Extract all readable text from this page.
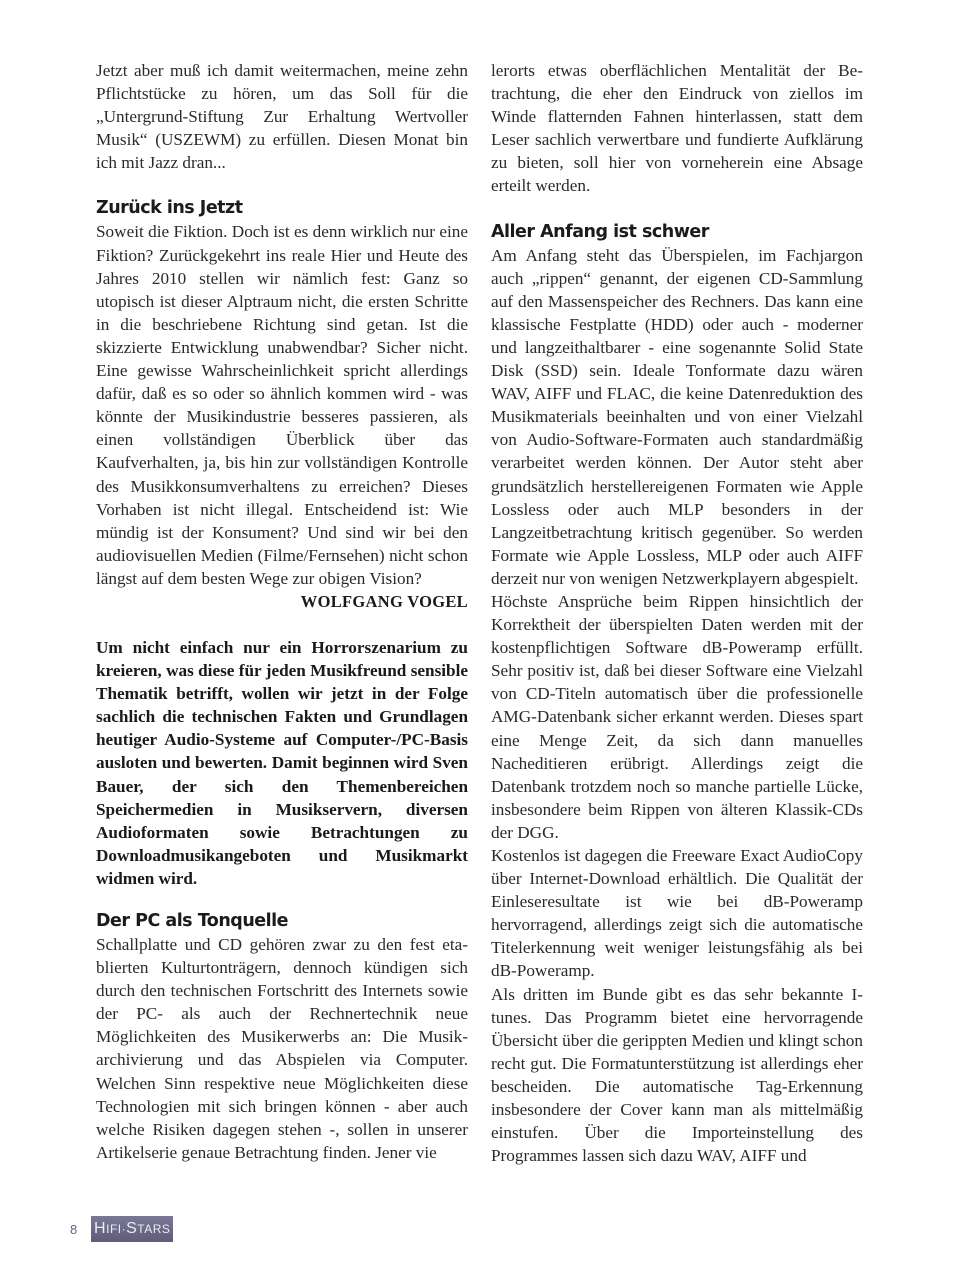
Jetzt aber muß ich damit weitermachen, meine zehn Pflichtstücke zu hören, um das Soll für die „Untergrund-Stiftung Zur Erhaltung Wertvoller Musik“ (USZEWM) zu erfüllen. Diesen Monat bin ich mit Jazz dran...

Zurück ins Jetzt

Soweit die Fiktion. Doch ist es denn wirklich nur eine Fiktion? Zurückgekehrt ins reale Hier und Heute des Jahres 2010 stellen wir nämlich fest: Ganz so utopisch ist dieser Alptraum nicht, die ersten Schritte in die beschriebene Richtung sind getan. Ist die skizzierte Entwicklung unabwendbar? Sicher nicht. Eine gewisse Wahrscheinlichkeit spricht allerdings dafür, daß es so oder so ähnlich kommen wird - was könnte der Musikindustrie besseres passieren, als einen vollständigen Überblick über das Kaufverhalten, ja, bis hin zur vollständigen Kontrolle des Musikkonsumverhaltens zu erreichen? Dieses Vorhaben ist nicht illegal. Entscheidend ist: Wie mündig ist der Konsument? Und sind wir bei den audiovisuellen Medien (Filme/Fernsehen) nicht schon längst auf dem besten Wege zur obigen Vision?

WOLFGANG VOGEL

Um nicht einfach nur ein Horrorszenarium zu kreieren, was diese für jeden Musikfreund sensible Thematik betrifft, wollen wir jetzt in der Folge sachlich die technischen Fakten und Grundlagen heutiger Audio-Systeme auf Computer-/PC-Basis ausloten und bewerten. Damit beginnen wird Sven Bauer, der sich den Themenbereichen Speichermedien in Musikservern, diversen Audioformaten sowie Betrachtungen zu Downloadmusikangeboten und Musikmarkt widmen wird.

Der PC als Tonquelle

Schallplatte und CD gehören zwar zu den fest etablierten Kulturtonträgern, dennoch kündigen sich durch den technischen Fortschritt des Internets sowie der PC- als auch der Rechnertechnik neue Möglichkeiten des Musikerwerbs an: Die Musikarchivierung und das Abspielen via Computer. Welchen Sinn respektive neue Möglichkeiten diese Technologien mit sich bringen können - aber auch welche Risiken dagegen stehen -, sollen in unserer Artikelserie genaue Betrachtung finden. Jener vie

lerorts etwas oberflächlichen Mentalität der Betrachtung, die eher den Eindruck von ziellos im Winde flatternden Fahnen hinterlassen, statt dem Leser sachlich verwertbare und fundierte Aufklärung zu bieten, soll hier von vorneherein eine Absage erteilt werden.

Aller Anfang ist schwer

Am Anfang steht das Überspielen, im Fachjargon auch „rippen“ genannt, der eigenen CD-Sammlung auf den Massenspeicher des Rechners. Das kann eine klassische Festplatte (HDD) oder auch - moderner und langzeithaltbarer - eine sogenannte Solid State Disk (SSD) sein. Ideale Tonformate dazu wären WAV, AIFF und FLAC, die keine Datenreduktion des Musikmaterials beeinhalten und von einer Vielzahl von Audio-Software-Formaten auch standardmäßig verarbeitet werden können. Der Autor steht aber grundsätzlich herstellereigenen Formaten wie Apple Lossless oder auch MLP besonders in der Langzeitbetrachtung kritisch gegenüber. So werden Formate wie Apple Lossless, MLP oder auch AIFF derzeit nur von wenigen Netzwerkplayern abgespielt.

Höchste Ansprüche beim Rippen hinsichtlich der Korrektheit der überspielten Daten werden mit der kostenpflichtigen Software dB-Poweramp erfüllt. Sehr positiv ist, daß bei dieser Software eine Vielzahl von CD-Titeln automatisch über die professionelle AMG-Datenbank sicher erkannt werden. Dieses spart eine Menge Zeit, da sich dann manuelles Nacheditieren erübrigt. Allerdings zeigt die Datenbank trotzdem noch so manche partielle Lücke, insbesondere beim Rippen von älteren Klassik-CDs der DGG.

Kostenlos ist dagegen die Freeware Exact AudioCopy über Internet-Download erhältlich. Die Qualität der Einleseresultate ist wie bei dB-Poweramp hervorragend, allerdings zeigt sich die automatische Titelerkennung weit weniger leistungsfähig als bei dB-Poweramp.

Als dritten im Bunde gibt es das sehr bekannte I-tunes. Das Programm bietet eine hervorragende Übersicht über die gerippten Medien und klingt schon recht gut. Die Formatunterstützung ist allerdings eher bescheiden. Die automatische Tag-Erkennung insbesondere der Cover kann man als mittelmäßig einstufen. Über die Importeinstellung des Programmes lassen sich dazu WAV, AIFF und

8 H IFI · S TARS
